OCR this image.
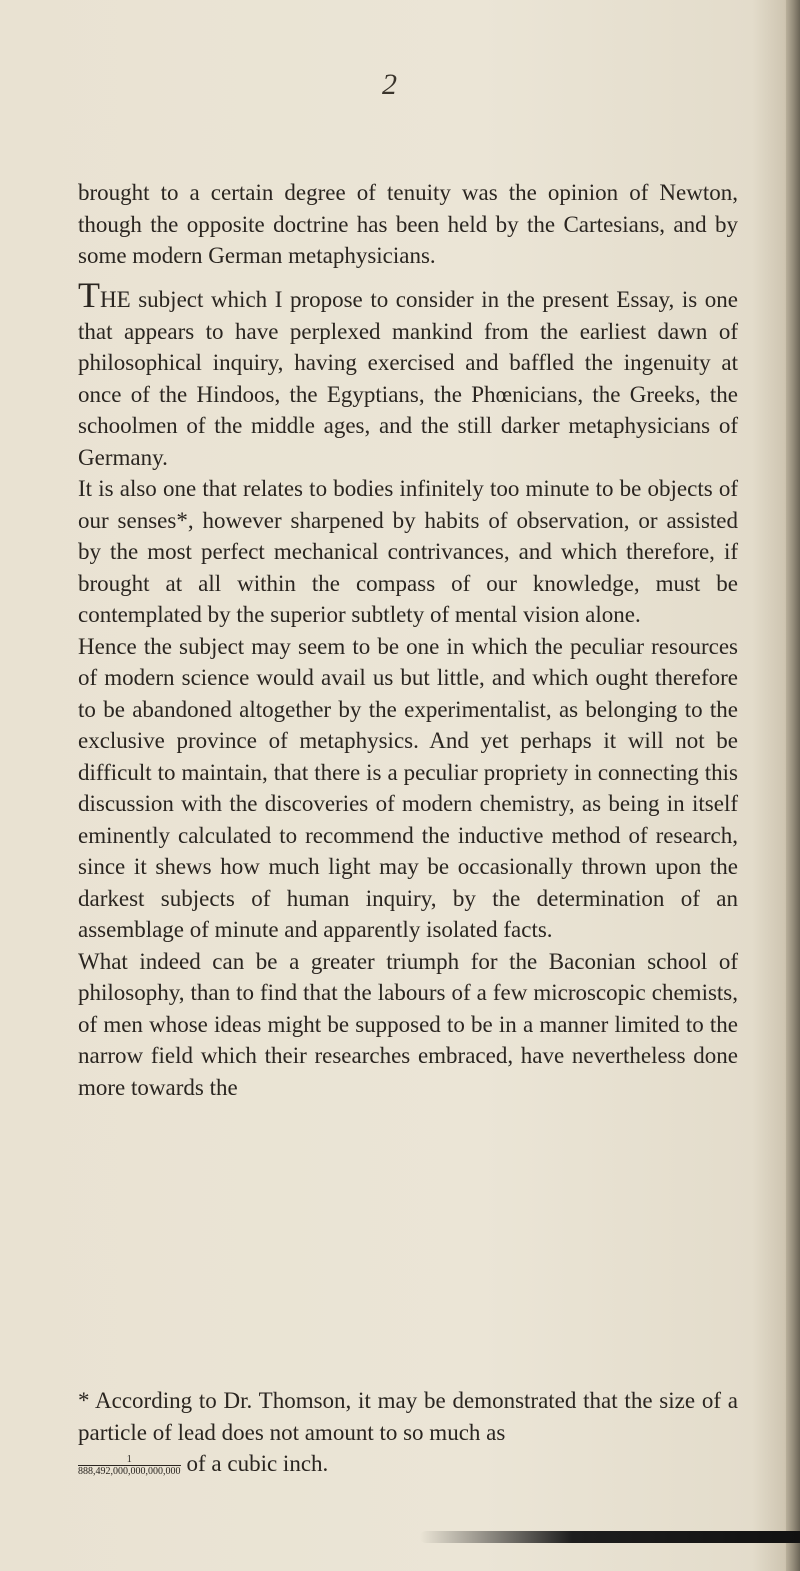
2

brought to a certain degree of tenuity was the opinion of Newton, though the opposite doctrine has been held by the Cartesians, and by some modern German metaphysicians.

THE subject which I propose to consider in the present Essay, is one that appears to have perplexed mankind from the earliest dawn of philosophical inquiry, having exercised and baffled the ingenuity at once of the Hindoos, the Egyptians, the Phœnicians, the Greeks, the schoolmen of the middle ages, and the still darker metaphysicians of Germany.

It is also one that relates to bodies infinitely too minute to be objects of our senses*, however sharpened by habits of observation, or assisted by the most perfect mechanical contrivances, and which therefore, if brought at all within the compass of our knowledge, must be contemplated by the superior subtlety of mental vision alone.

Hence the subject may seem to be one in which the peculiar resources of modern science would avail us but little, and which ought therefore to be abandoned altogether by the experimentalist, as belonging to the exclusive province of metaphysics. And yet perhaps it will not be difficult to maintain, that there is a peculiar propriety in connecting this discussion with the discoveries of modern chemistry, as being in itself eminently calculated to recommend the inductive method of research, since it shews how much light may be occasionally thrown upon the darkest subjects of human inquiry, by the determination of an assemblage of minute and apparently isolated facts.

What indeed can be a greater triumph for the Baconian school of philosophy, than to find that the labours of a few microscopic chemists, of men whose ideas might be supposed to be in a manner limited to the narrow field which their researches embraced, have nevertheless done more towards the

* According to Dr. Thomson, it may be demonstrated that the size of a particle of lead does not amount to so much as

$\frac{1}{888,492,000,000,000,000}$ of a cubic inch.
